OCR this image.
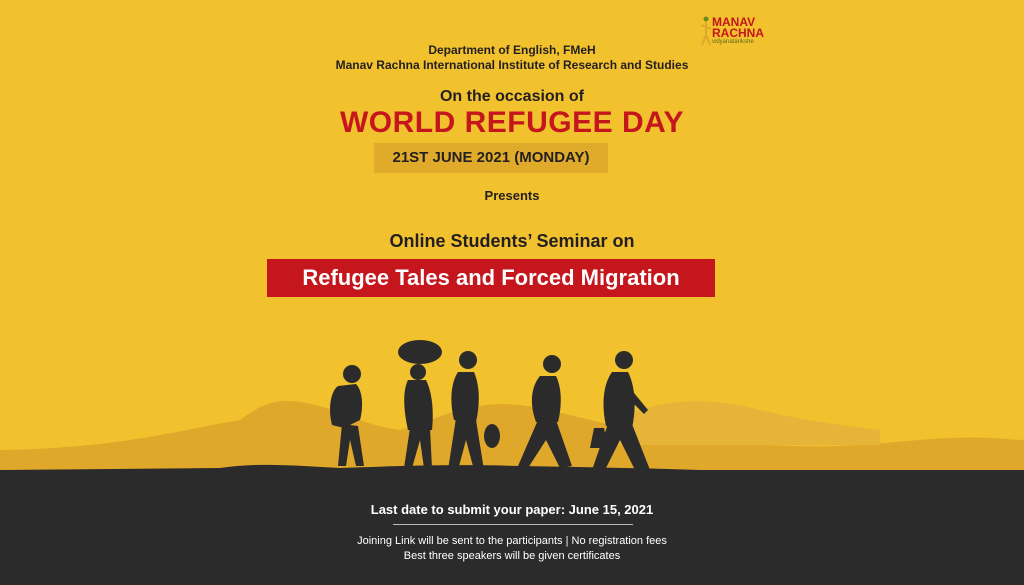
MANAV
RACHNA
vidyanatarikshe
Department of English, FMeH
Manav Rachna International Institute of Research and Studies
On the occasion of
WORLD REFUGEE DAY
21ST JUNE 2021 (MONDAY)
Presents
Online Students’ Seminar on
Refugee Tales and Forced Migration
Last date to submit your paper: June 15, 2021
Joining Link will be sent to the participants | No registration fees
Best three speakers will be given certificates
